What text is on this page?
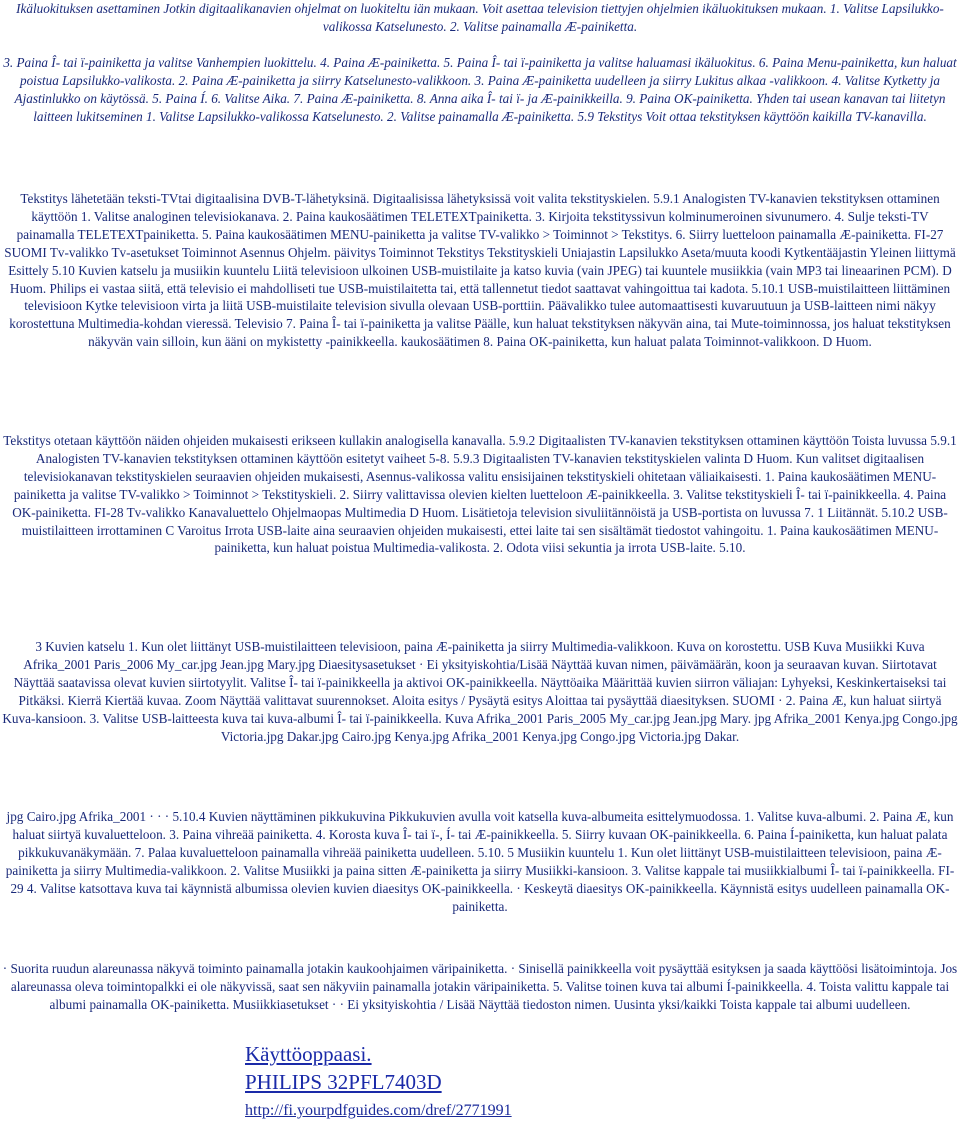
Ikäluokituksen asettaminen Jotkin digitaalikanavien ohjelmat on luokiteltu iän mukaan. Voit asettaa television tiettyjen ohjelmien ikäluokituksen mukaan. 1. Valitse Lapsilukko-valikossa Katselunesto. 2. Valitse painamalla Æ-painiketta.

3. Paina Î- tai ï-painiketta ja valitse Vanhempien luokittelu. 4. Paina Æ-painiketta. 5. Paina Î- tai ï-painiketta ja valitse haluamasi ikäluokitus. 6. Paina Menu-painiketta, kun haluat poistua Lapsilukko-valikosta. 2. Paina Æ-painiketta ja siirry Katselunesto-valikkoon. 3. Paina Æ-painiketta uudelleen ja siirry Lukitus alkaa -valikkoon. 4. Valitse Kytketty ja Ajastinlukko on käytössä. 5. Paina Í. 6. Valitse Aika. 7. Paina Æ-painiketta. 8. Anna aika Î- tai ï- ja Æ-painikkeilla. 9. Paina OK-painiketta. Yhden tai usean kanavan tai liitetyn laitteen lukitseminen 1. Valitse Lapsilukko-valikossa Katselunesto. 2. Valitse painamalla Æ-painiketta. 5.9 Tekstitys Voit ottaa tekstityksen käyttöön kaikilla TV-kanavilla.

Tekstitys lähetetään teksti-TVtai digitaalisina DVB-T-lähetyksinä. Digitaalisissa lähetyksissä voit valita tekstityskielen. 5.9.1 Analogisten TV-kanavien tekstityksen ottaminen käyttöön 1. Valitse analoginen televisiokanava. 2. Paina kaukosäätimen TELETEXTpainiketta. 3. Kirjoita tekstityssivun kolminumeroinen sivunumero. 4. Sulje teksti-TV painamalla TELETEXTpainiketta. 5. Paina kaukosäätimen MENU-painiketta ja valitse TV-valikko > Toiminnot > Tekstitys. 6. Siirry luetteloon painamalla Æ-painiketta. FI-27 SUOMI Tv-valikko Tv-asetukset Toiminnot Asennus Ohjelm. päivitys Toiminnot Tekstitys Tekstityskieli Uniajastin Lapsilukko Aseta/muuta koodi Kytkentääjastin Yleinen liittymä Esittely 5.10 Kuvien katselu ja musiikin kuuntelu Liitä televisioon ulkoinen USB-muistilaite ja katso kuvia (vain JPEG) tai kuuntele musiikkia (vain MP3 tai lineaarinen PCM). D Huom. Philips ei vastaa siitä, että televisio ei mahdolliseti tue USB-muistilaitetta tai, että tallennetut tiedot saattavat vahingoittua tai kadota. 5.10.1 USB-muistilaitteen liittäminen televisioon Kytke televisioon virta ja liitä USB-muistilaite television sivulla olevaan USB-porttiin. Päävalikko tulee automaattisesti kuvaruutuun ja USB-laitteen nimi näkyy korostettuna Multimedia-kohdan vieressä. Televisio 7. Paina Î- tai ï-painiketta ja valitse Päälle, kun haluat tekstityksen näkyvän aina, tai Mute-toiminnossa, jos haluat tekstityksen näkyvän vain silloin, kun ääni on mykistetty -painikkeella. kaukosäätimen 8. Paina OK-painiketta, kun haluat palata Toiminnot-valikkoon. D Huom.

Tekstitys otetaan käyttöön näiden ohjeiden mukaisesti erikseen kullakin analogisella kanavalla. 5.9.2 Digitaalisten TV-kanavien tekstityksen ottaminen käyttöön Toista luvussa 5.9.1 Analogisten TV-kanavien tekstityksen ottaminen käyttöön esitetyt vaiheet 5-8. 5.9.3 Digitaalisten TV-kanavien tekstityskielen valinta D Huom. Kun valitset digitaalisen televisiokanavan tekstityskielen seuraavien ohjeiden mukaisesti, Asennus-valikossa valitu ensisijainen tekstityskieli ohitetaan väliaikaisesti. 1. Paina kaukosäätimen MENU-painiketta ja valitse TV-valikko > Toiminnot > Tekstityskieli. 2. Siirry valittavissa olevien kielten luetteloon Æ-painikkeella. 3. Valitse tekstityskieli Î- tai ï-painikkeella. 4. Paina OK-painiketta. FI-28 Tv-valikko Kanavaluettelo Ohjelmaopas Multimedia D Huom. Lisätietoja television sivuliitännöistä ja USB-portista on luvussa 7. 1 Liitännät. 5.10.2 USB-muistilaitteen irrottaminen C Varoitus Irrota USB-laite aina seuraavien ohjeiden mukaisesti, ettei laite tai sen sisältämät tiedostot vahingoitu. 1. Paina kaukosäätimen MENU-painiketta, kun haluat poistua Multimedia-valikosta. 2. Odota viisi sekuntia ja irrota USB-laite. 5.10.

3 Kuvien katselu 1. Kun olet liittänyt USB-muistilaitteen televisioon, paina Æ-painiketta ja siirry Multimedia-valikkoon. Kuva on korostettu. USB Kuva Musiikki Kuva Afrika_2001 Paris_2006 My_car.jpg Jean.jpg Mary.jpg Diaesitysasetukset · Ei yksityiskohtia/Lisää Näyttää kuvan nimen, päivämäärän, koon ja seuraavan kuvan. Siirtotavat Näyttää saatavissa olevat kuvien siirtotyylit. Valitse Î- tai ï-painikkeella ja aktivoi OK-painikkeella. Näyttöaika Määrittää kuvien siirron väliajan: Lyhyeksi, Keskinkertaiseksi tai Pitkäksi. Kierrä Kiertää kuvaa. Zoom Näyttää valittavat suurennokset. Aloita esitys / Pysäytä esitys Aloittaa tai pysäyttää diaesityksen. SUOMI · 2. Paina Æ, kun haluat siirtyä Kuva-kansioon. 3. Valitse USB-laitteesta kuva tai kuva-albumi Î- tai ï-painikkeella. Kuva Afrika_2001 Paris_2005 My_car.jpg Jean.jpg Mary. jpg Afrika_2001 Kenya.jpg Congo.jpg Victoria.jpg Dakar.jpg Cairo.jpg Kenya.jpg Afrika_2001 Kenya.jpg Congo.jpg Victoria.jpg Dakar.

jpg Cairo.jpg Afrika_2001 · · · 5.10.4 Kuvien näyttäminen pikkukuvina Pikkukuvien avulla voit katsella kuva-albumeita esittelymuodossa. 1. Valitse kuva-albumi. 2. Paina Æ, kun haluat siirtyä kuvaluetteloon. 3. Paina vihreää painiketta. 4. Korosta kuva Î- tai ï-, Í- tai Æ-painikkeella. 5. Siirry kuvaan OK-painikkeella. 6. Paina Í-painiketta, kun haluat palata pikkukuvanäkymään. 7. Palaa kuvaluetteloon painamalla vihreää painiketta uudelleen. 5.10. 5 Musiikin kuuntelu 1. Kun olet liittänyt USB-muistilaitteen televisioon, paina Æ-painiketta ja siirry Multimedia-valikkoon. 2. Valitse Musiikki ja paina sitten Æ-painiketta ja siirry Musiikki-kansioon. 3. Valitse kappale tai musiikkialbumi Î- tai ï-painikkeella. FI-29 4. Valitse katsottava kuva tai käynnistä albumissa olevien kuvien diaesitys OK-painikkeella. · Keskeytä diaesitys OK-painikkeella. Käynnistä esitys uudelleen painamalla OK-painiketta.

· Suorita ruudun alareunassa näkyvä toiminto painamalla jotakin kaukoohjaimen väripainiketta. · Sinisellä painikkeella voit pysäyttää esityksen ja saada käyttöösi lisätoimintoja. Jos alareunassa oleva toimintopalkki ei ole näkyvissä, saat sen näkyviin painamalla jotakin väripainiketta. 5. Valitse toinen kuva tai albumi Í-painikkeella. 4. Toista valittu kappale tai albumi painamalla OK-painiketta. Musiikkiasetukset · · Ei yksityiskohtia / Lisää Näyttää tiedoston nimen. Uusinta yksi/kaikki Toista kappale tai albumi uudelleen.

Käyttöoppaasi.
PHILIPS 32PFL7403D
http://fi.yourpdfguides.com/dref/2771991
